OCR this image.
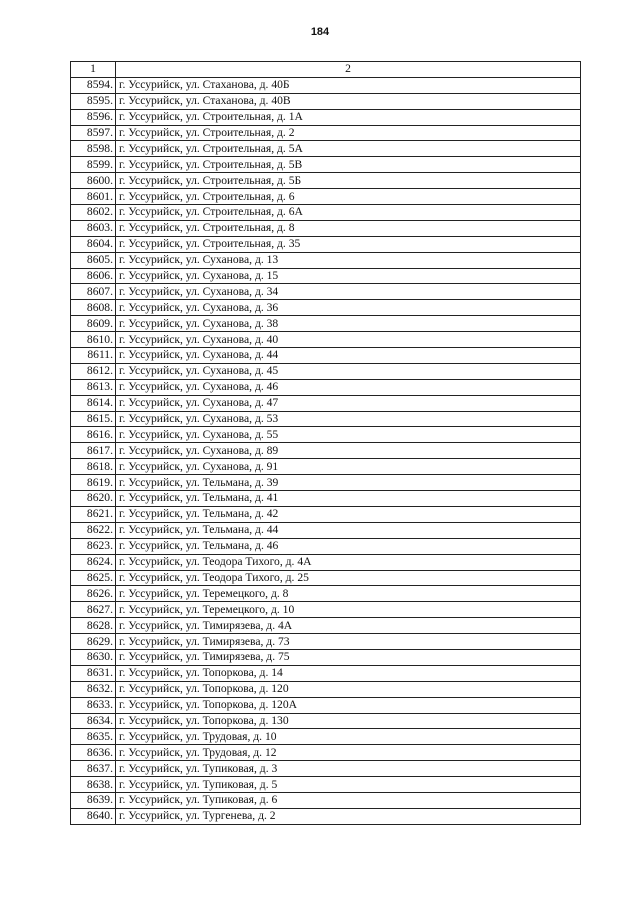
184
1	2
8594.	г. Уссурийск, ул. Стаханова, д. 40Б
8595.	г. Уссурийск, ул. Стаханова, д. 40В
8596.	г. Уссурийск, ул. Строительная, д. 1А
8597.	г. Уссурийск, ул. Строительная, д. 2
8598.	г. Уссурийск, ул. Строительная, д. 5А
8599.	г. Уссурийск, ул. Строительная, д. 5В
8600.	г. Уссурийск, ул. Строительная, д. 5Б
8601.	г. Уссурийск, ул. Строительная, д. 6
8602.	г. Уссурийск, ул. Строительная, д. 6А
8603.	г. Уссурийск, ул. Строительная, д. 8
8604.	г. Уссурийск, ул. Строительная, д. 35
8605.	г. Уссурийск, ул. Суханова, д. 13
8606.	г. Уссурийск, ул. Суханова, д. 15
8607.	г. Уссурийск, ул. Суханова, д. 34
8608.	г. Уссурийск, ул. Суханова, д. 36
8609.	г. Уссурийск, ул. Суханова, д. 38
8610.	г. Уссурийск, ул. Суханова, д. 40
8611.	г. Уссурийск, ул. Суханова, д. 44
8612.	г. Уссурийск, ул. Суханова, д. 45
8613.	г. Уссурийск, ул. Суханова, д. 46
8614.	г. Уссурийск, ул. Суханова, д. 47
8615.	г. Уссурийск, ул. Суханова, д. 53
8616.	г. Уссурийск, ул. Суханова, д. 55
8617.	г. Уссурийск, ул. Суханова, д. 89
8618.	г. Уссурийск, ул. Суханова, д. 91
8619.	г. Уссурийск, ул. Тельмана, д. 39
8620.	г. Уссурийск, ул. Тельмана, д. 41
8621.	г. Уссурийск, ул. Тельмана, д. 42
8622.	г. Уссурийск, ул. Тельмана, д. 44
8623.	г. Уссурийск, ул. Тельмана, д. 46
8624.	г. Уссурийск, ул. Теодора Тихого, д. 4А
8625.	г. Уссурийск, ул. Теодора Тихого, д. 25
8626.	г. Уссурийск, ул. Теремецкого, д. 8
8627.	г. Уссурийск, ул. Теремецкого, д. 10
8628.	г. Уссурийск, ул. Тимирязева, д. 4А
8629.	г. Уссурийск, ул. Тимирязева, д. 73
8630.	г. Уссурийск, ул. Тимирязева, д. 75
8631.	г. Уссурийск, ул. Топоркова, д. 14
8632.	г. Уссурийск, ул. Топоркова, д. 120
8633.	г. Уссурийск, ул. Топоркова, д. 120А
8634.	г. Уссурийск, ул. Топоркова, д. 130
8635.	г. Уссурийск, ул. Трудовая, д. 10
8636.	г. Уссурийск, ул. Трудовая, д. 12
8637.	г. Уссурийск, ул. Тупиковая, д. 3
8638.	г. Уссурийск, ул. Тупиковая, д. 5
8639.	г. Уссурийск, ул. Тупиковая, д. 6
8640.	г. Уссурийск, ул. Тургенева, д. 2
